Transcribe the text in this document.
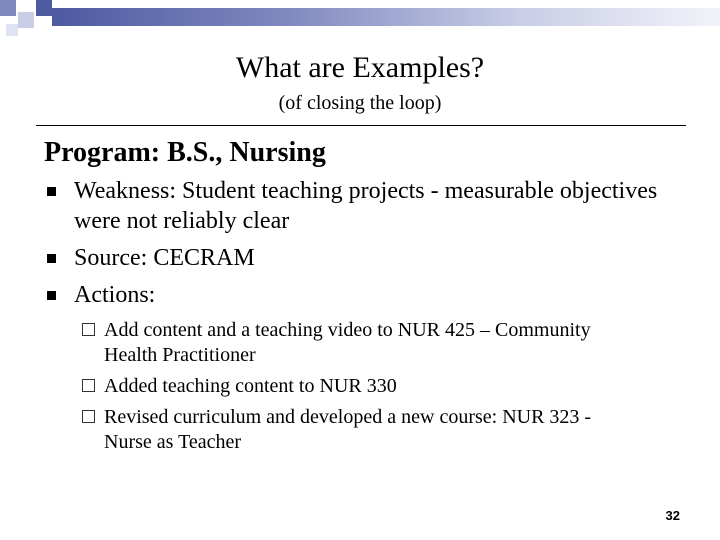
What are Examples?
(of closing the loop)
Program: B.S., Nursing
Weakness: Student teaching projects - measurable objectives were not reliably clear
Source: CECRAM
Actions:
Add content and a teaching video to NUR 425 – Community Health Practitioner
Added teaching content to NUR 330
Revised curriculum and developed a new course: NUR 323 - Nurse as Teacher
32
